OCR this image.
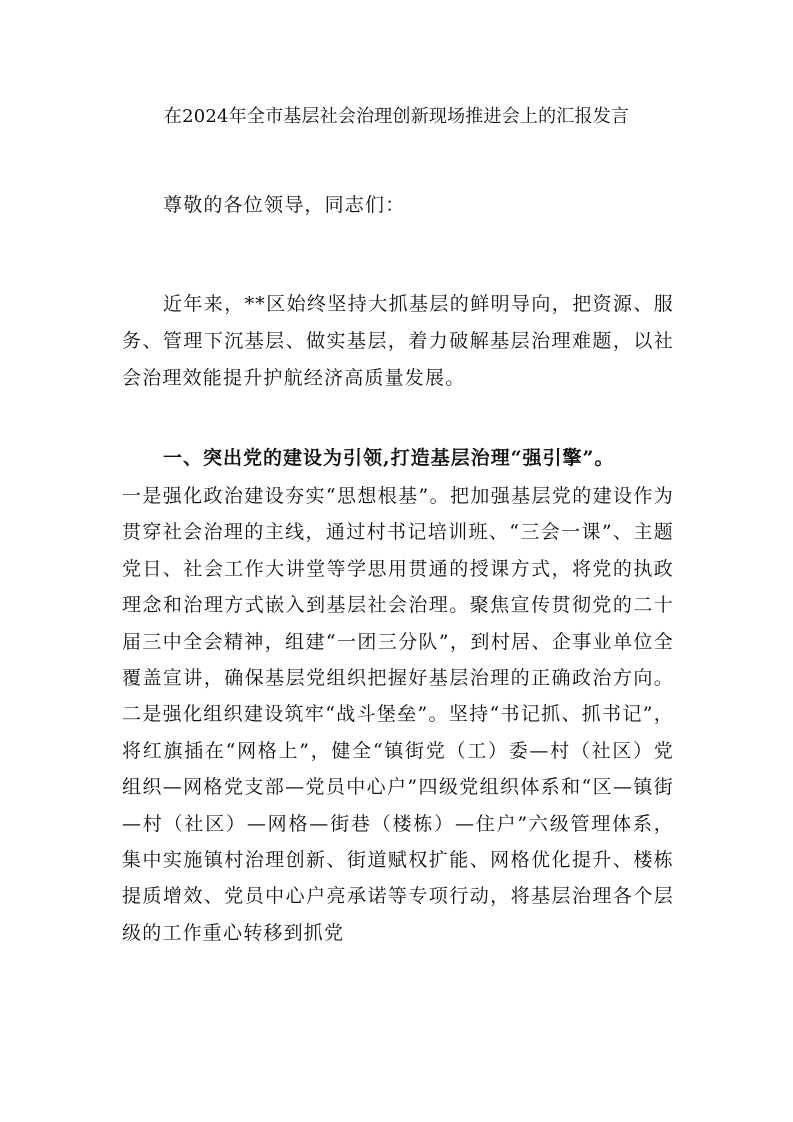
在2024年全市基层社会治理创新现场推进会上的汇报发言
尊敬的各位领导，同志们：
近年来，**区始终坚持大抓基层的鲜明导向，把资源、服务、管理下沉基层、做实基层，着力破解基层治理难题，以社会治理效能提升护航经济高质量发展。
一、突出党的建设为引领,打造基层治理“强引擎”。
一是强化政治建设夯实“思想根基”。把加强基层党的建设作为贯穿社会治理的主线，通过村书记培训班、“三会一课”、主题党日、社会工作大讲堂等学思用贯通的授课方式，将党的执政理念和治理方式嵌入到基层社会治理。聚焦宣传贯彻党的二十届三中全会精神，组建“一团三分队”，到村居、企事业单位全覆盖宣讲，确保基层党组织把握好基层治理的正确政治方向。二是强化组织建设筑牢“战斗堡垒”。坚持“书记抓、抓书记”，将红旗插在“网格上”，健全“镇街党（工）委—村（社区）党组织—网格党支部—党员中心户”四级党组织体系和“区—镇街—村（社区）—网格—街巷（楼栋）—住户”六级管理体系，集中实施镇村治理创新、街道赋权扩能、网格优化提升、楼栋提质增效、党员中心户亮承诺等专项行动，将基层治理各个层级的工作重心转移到抓党
